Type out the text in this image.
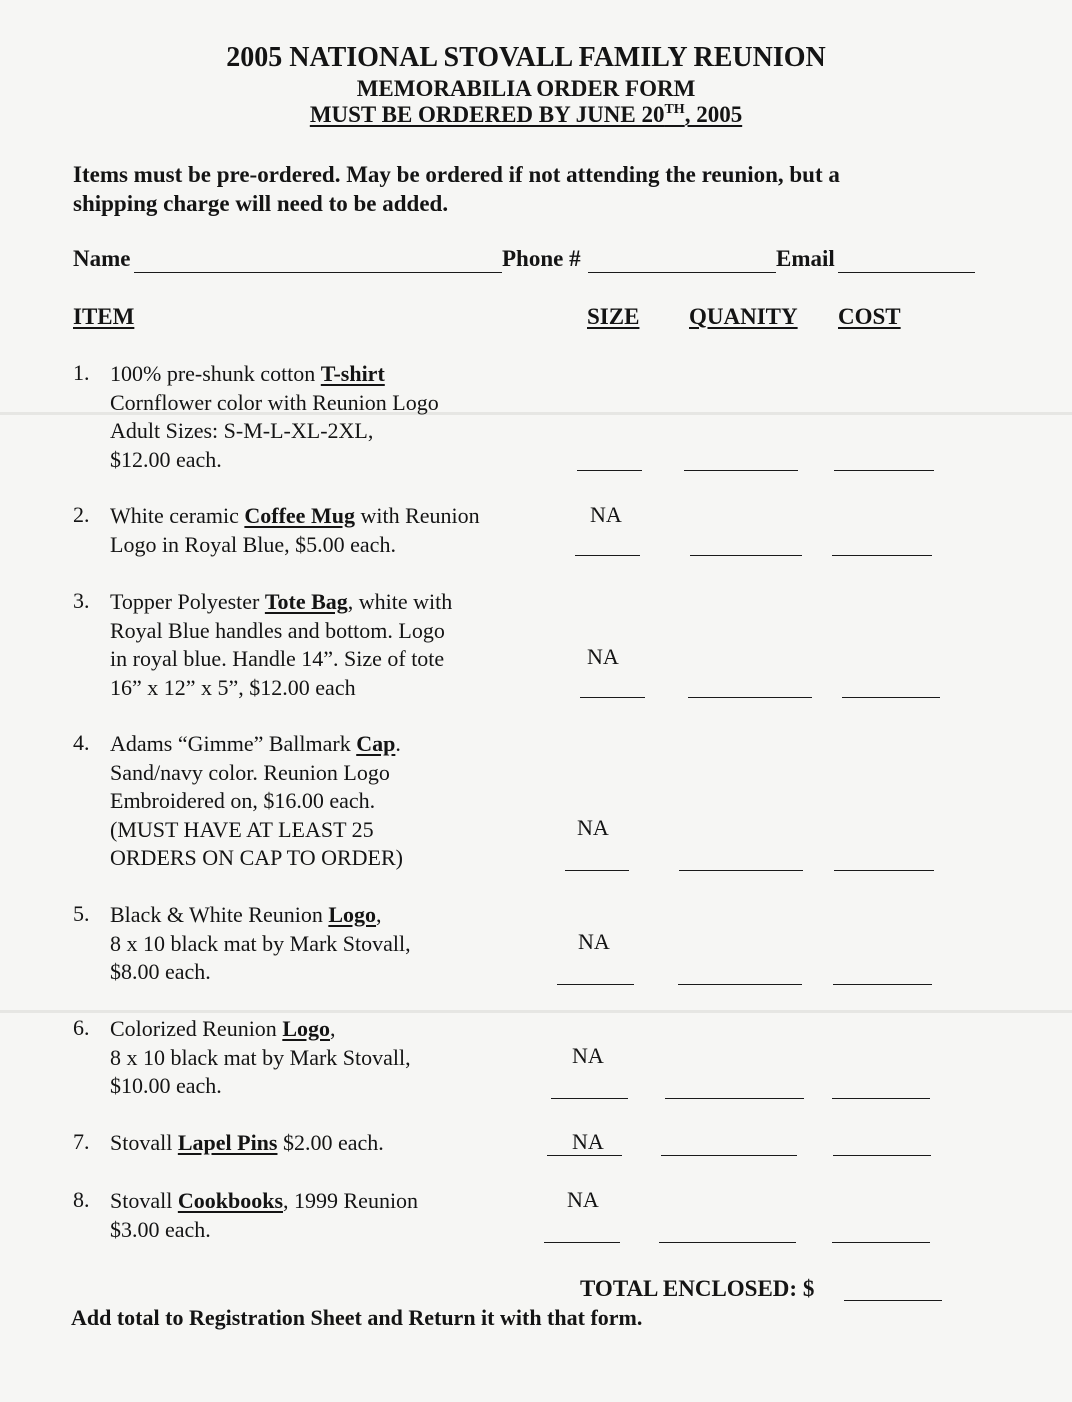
2005 NATIONAL STOVALL FAMILY REUNION
MEMORABILIA ORDER FORM
MUST BE ORDERED BY JUNE 20TH, 2005
Items must be pre-ordered. May be ordered if not attending the reunion, but a
shipping charge will need to be added.
Name	Phone #	Email
ITEM	SIZE QUANITY COST
1. 100% pre-shunk cotton T-shirt
Cornflower color with Reunion Logo
Adult Sizes: S-M-L-XL-2XL,
$12.00 each.
2. White ceramic Coffee Mug with Reunion
Logo in Royal Blue, $5.00 each.
NA
3. Topper Polyester Tote Bag, white with
Royal Blue handles and bottom. Logo
in royal blue. Handle 14”. Size of tote
16” x 12” x 5”, $12.00 each
NA
4. Adams “Gimme” Ballmark Cap.
Sand/navy color. Reunion Logo
Embroidered on, $16.00 each.
(MUST HAVE AT LEAST 25
ORDERS ON CAP TO ORDER)
NA
5. Black & White Reunion Logo,
8 x 10 black mat by Mark Stovall,
$8.00 each.
NA
6. Colorized Reunion Logo,
8 x 10 black mat by Mark Stovall,
$10.00 each.
NA
7. Stovall Lapel Pins $2.00 each.	NA
8. Stovall Cookbooks, 1999 Reunion
$3.00 each.
NA
TOTAL ENCLOSED: $
Add total to Registration Sheet and Return it with that form.
